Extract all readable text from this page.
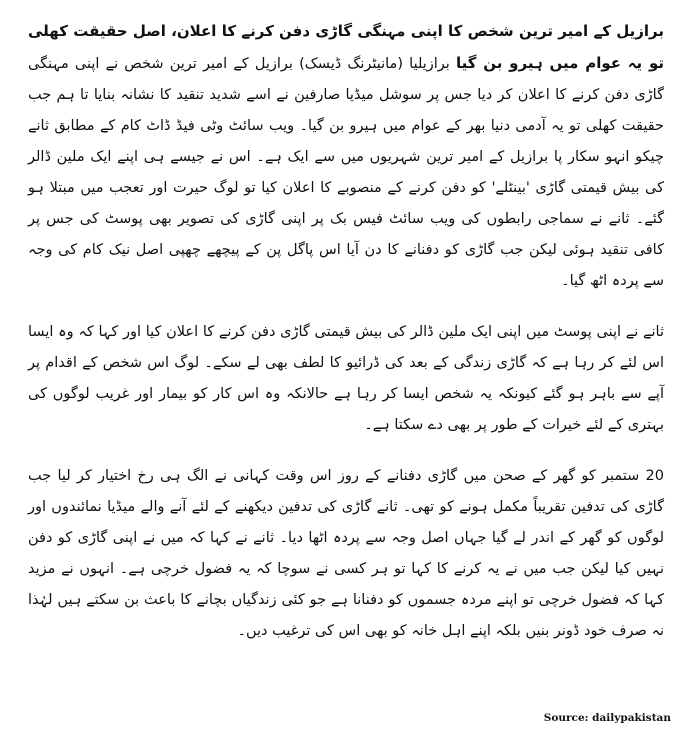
برازیل کے امیر ترین شخص کا اپنی مہنگی گاڑی دفن کرنے کا اعلان، اصل حقیقت کھلی تو یہ عوام میں ہیرو بن گیا برازیلیا (مانیٹرنگ ڈیسک) برازیل کے امیر ترین شخص نے اپنی مہنگی گاڑی دفن کرنے کا اعلان کر دیا جس پر سوشل میڈیا صارفین نے اسے شدید تنقید کا نشانہ بنایا تا ہم جب حقیقت کھلی تو یہ آدمی دنیا بھر کے عوام میں ہیرو بن گیا۔ ویب سائٹ وٹی فیڈ ڈاٹ کام کے مطابق ثانے چیکو انہو سکار پا برازیل کے امیر ترین شہریوں میں سے ایک ہے۔ اس نے جیسے ہی اپنے ایک ملین ڈالر کی بیش قیمتی گاڑی 'بینٹلے' کو دفن کرنے کے منصوبے کا اعلان کیا تو لوگ حیرت اور تعجب میں مبتلا ہو گئے۔ ثانے نے سماجی رابطوں کی ویب سائٹ فیس بک پر اپنی گاڑی کی تصویر بھی پوسٹ کی جس پر کافی تنقید ہوئی لیکن جب گاڑی کو دفنانے کا دن آیا اس پاگل پن کے پیچھے چھپی اصل نیک کام کی وجہ سے پردہ اٹھ گیا۔

ثانے نے اپنی پوسٹ میں اپنی ایک ملین ڈالر کی بیش قیمتی گاڑی دفن کرنے کا اعلان کیا اور کہا کہ وہ ایسا اس لئے کر رہا ہے کہ گاڑی زندگی کے بعد کی ڈرائیو کا لطف بھی لے سکے۔ لوگ اس شخص کے اقدام پر آپے سے باہر ہو گئے کیونکہ یہ شخص ایسا کر رہا ہے حالانکہ وہ اس کار کو بیمار اور غریب لوگوں کی بہتری کے لئے خیرات کے طور پر بھی دے سکتا ہے۔

20 ستمبر کو گھر کے صحن میں گاڑی دفنانے کے روز اس وقت کہانی نے الگ ہی رخ اختیار کر لیا جب گاڑی کی تدفین تقریباً مکمل ہونے کو تھی۔ ثانے گاڑی کی تدفین دیکھنے کے لئے آنے والے میڈیا نمائندوں اور لوگوں کو گھر کے اندر لے گیا جہاں اصل وجہ سے پردہ اٹھا دیا۔ ثانے نے کہا کہ میں نے اپنی گاڑی کو دفن نہیں کیا لیکن جب میں نے یہ کرنے کا کہا تو ہر کسی نے سوچا کہ یہ فضول خرچی ہے۔ انہوں نے مزید کہا کہ فضول خرچی تو اپنے مردہ جسموں کو دفنانا ہے جو کئی زندگیاں بچانے کا باعث بن سکتے ہیں لہٰذا نہ صرف خود ڈونر بنیں بلکہ اپنے اہل خانہ کو بھی اس کی ترغیب دیں۔

Source: dailypakistan
